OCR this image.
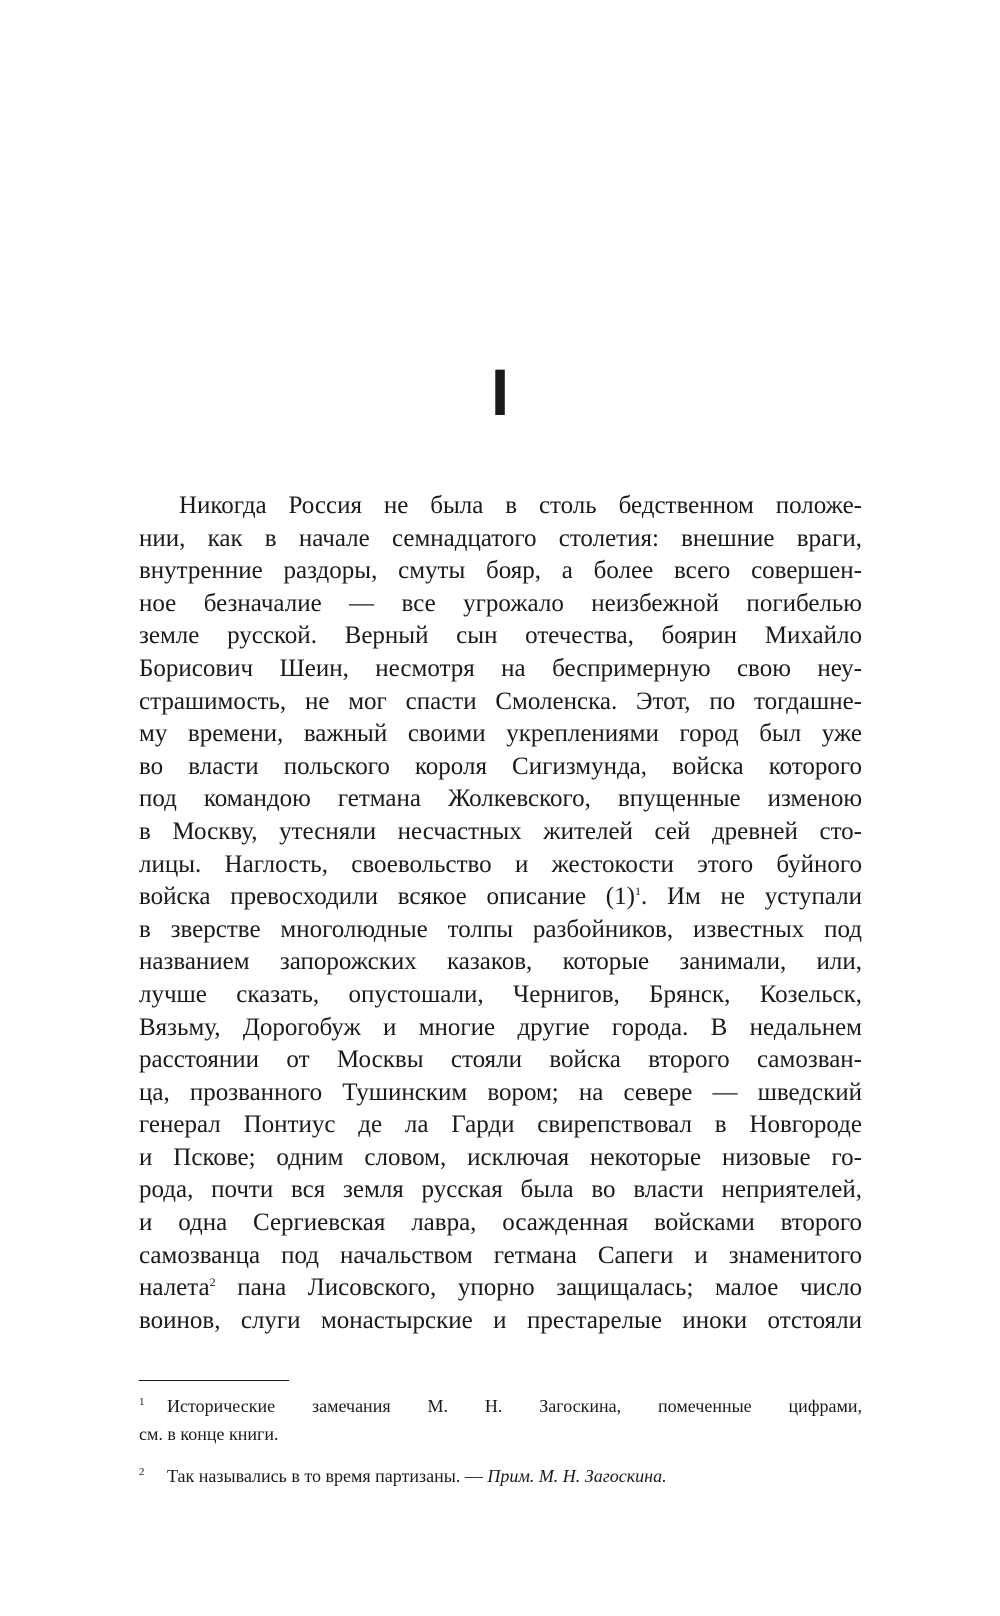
I
Никогда Россия не была в столь бедственном положе-
нии, как в начале семнадцатого столетия: внешние враги,
внутренние раздоры, смуты бояр, а более всего совершен-
ное безначалие — все угрожало неизбежной погибелью
земле русской. Верный сын отечества, боярин Михайло
Борисович Шеин, несмотря на беспримерную свою неу-
страшимость, не мог спасти Смоленска. Этот, по тогдашне-
му времени, важный своими укреплениями город был уже
во власти польского короля Сигизмунда, войска которого
под командою гетмана Жолкевского, впущенные изменою
в Москву, утесняли несчастных жителей сей древней сто-
лицы. Наглость, своевольство и жестокости этого буйного
войска превосходили всякое описание (1)$^1$. Им не уступали
в зверстве многолюдные толпы разбойников, известных под
названием запорожских казаков, которые занимали, или,
лучше сказать, опустошали, Чернигов, Брянск, Козельск,
Вязьму, Дорогобуж и многие другие города. В недальнем
расстоянии от Москвы стояли войска второго самозван-
ца, прозванного Тушинским вором; на севере — шведский
генерал Понтиус де ла Гарди свирепствовал в Новгороде
и Пскове; одним словом, исключая некоторые низовые го-
рода, почти вся земля русская была во власти неприятелей,
и одна Сергиевская лавра, осажденная войсками второго
самозванца под начальством гетмана Сапеги и знаменитого
налета$^2$ пана Лисовского, упорно защищалась; малое число
воинов, слуги монастырские и престарелые иноки отстояли
1	Исторические замечания М. Н. Загоскина, помеченные цифрами,
см. в конце книги.
2	Так назывались в то время партизаны. — Прим. М. Н. Загоскина.
